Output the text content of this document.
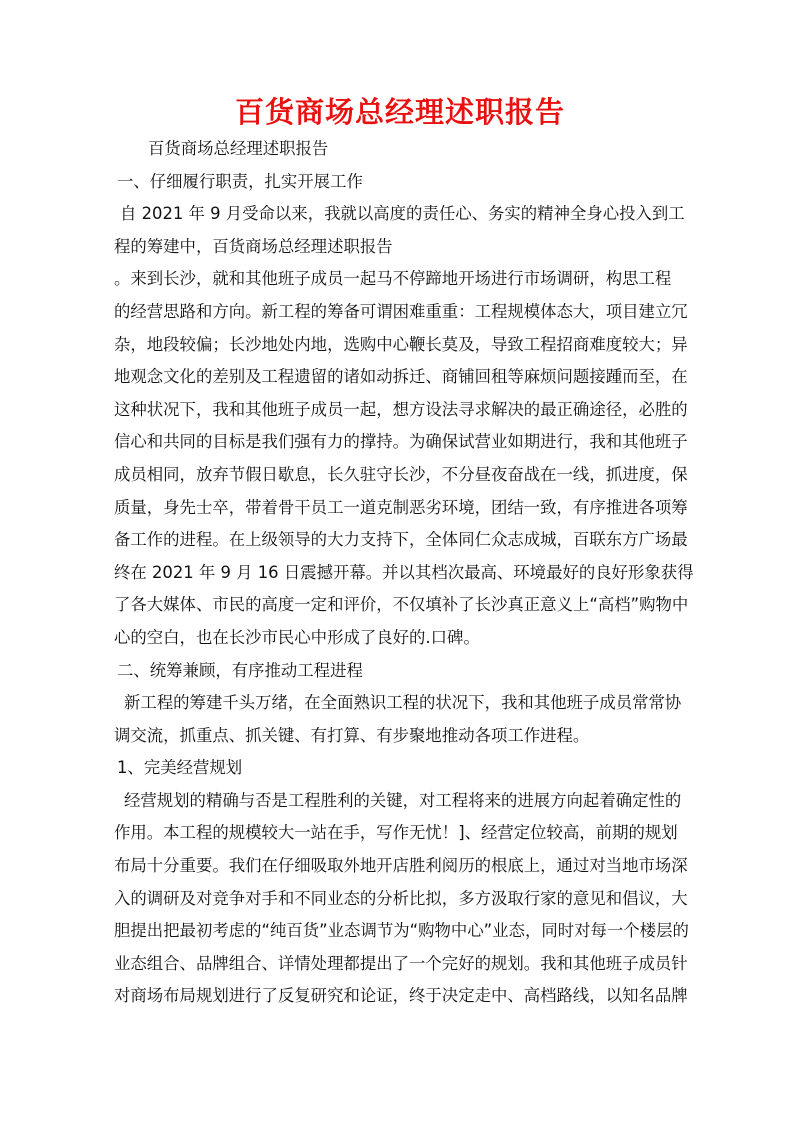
百货商场总经理述职报告
百货商场总经理述职报告
一、仔细履行职责，扎实开展工作
自 2021 年 9 月受命以来，我就以高度的责任心、务实的精神全身心投入到工
程的筹建中，百货商场总经理述职报告
。来到长沙，就和其他班子成员一起马不停蹄地开场进行市场调研，构思工程
的经营思路和方向。新工程的筹备可谓困难重重：工程规模体态大，项目建立冗
杂，地段较偏；长沙地处内地，选购中心鞭长莫及，导致工程招商难度较大；异
地观念文化的差别及工程遗留的诸如动拆迁、商铺回租等麻烦问题接踵而至，在
这种状况下，我和其他班子成员一起，想方设法寻求解决的最正确途径，必胜的
信心和共同的目标是我们强有力的撑持。为确保试营业如期进行，我和其他班子
成员相同，放弃节假日歇息，长久驻守长沙，不分昼夜奋战在一线，抓进度，保
质量，身先士卒，带着骨干员工一道克制恶劣环境，团结一致，有序推进各项筹
备工作的进程。在上级领导的大力支持下，全体同仁众志成城，百联东方广场最
终在 2021 年 9 月 16 日震撼开幕。并以其档次最高、环境最好的良好形象获得
了各大媒体、市民的高度一定和评价，不仅填补了长沙真正意义上“高档”购物中
心的空白，也在长沙市民心中形成了良好的.口碑。
二、统筹兼顾，有序推动工程进程
新工程的筹建千头万绪，在全面熟识工程的状况下，我和其他班子成员常常协
调交流，抓重点、抓关键、有打算、有步聚地推动各项工作进程。
1、完美经营规划
经营规划的精确与否是工程胜利的关键，对工程将来的进展方向起着确定性的
作用。本工程的规模较大一站在手，写作无忧！]、经营定位较高，前期的规划
布局十分重要。我们在仔细吸取外地开店胜利阅历的根底上，通过对当地市场深
入的调研及对竞争对手和不同业态的分析比拟，多方汲取行家的意见和倡议，大
胆提出把最初考虑的“纯百货”业态调节为“购物中心”业态，同时对每一个楼层的
业态组合、品牌组合、详情处理都提出了一个完好的规划。我和其他班子成员针
对商场布局规划进行了反复研究和论证，终于决定走中、高档路线，以知名品牌
